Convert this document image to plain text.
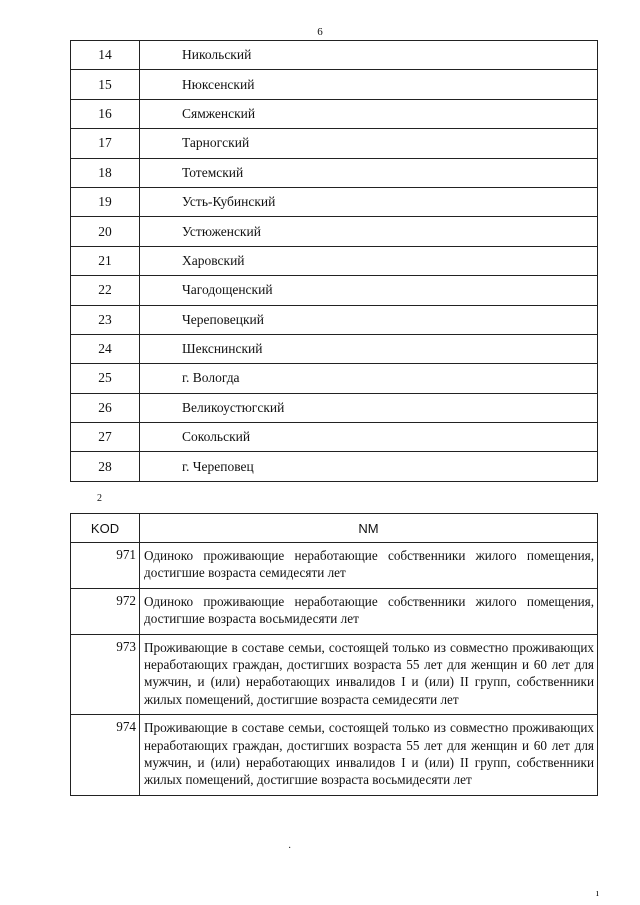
6
14	Никольский
15	Нюксенский
16	Сямженский
17	Тарногский
18	Тотемский
19	Усть-Кубинский
20	Устюженский
21	Харовский
22	Чагодощенский
23	Череповецкий
24	Шекснинский
25	г. Вологда
26	Великоустюгский
27	Сокольский
28	г. Череповец
2
KOD	NM
971	Одиноко проживающие неработающие собственники жилого помещения, достигшие возраста семидесяти лет
972	Одиноко проживающие неработающие собственники жилого помещения, достигшие возраста восьмидесяти лет
973	Проживающие в составе семьи, состоящей только из совместно проживающих неработающих граждан, достигших возраста 55 лет для женщин и 60 лет для мужчин, и (или) неработающих инвалидов I и (или) II групп, собственники жилых помещений, достигшие возраста семидесяти лет
974	Проживающие в составе семьи, состоящей только из совместно проживающих неработающих граждан, достигших возраста 55 лет для женщин и 60 лет для мужчин, и (или) неработающих инвалидов I и (или) II групп, собственники жилых помещений, достигшие возраста восьмидесяти лет
·
ı
